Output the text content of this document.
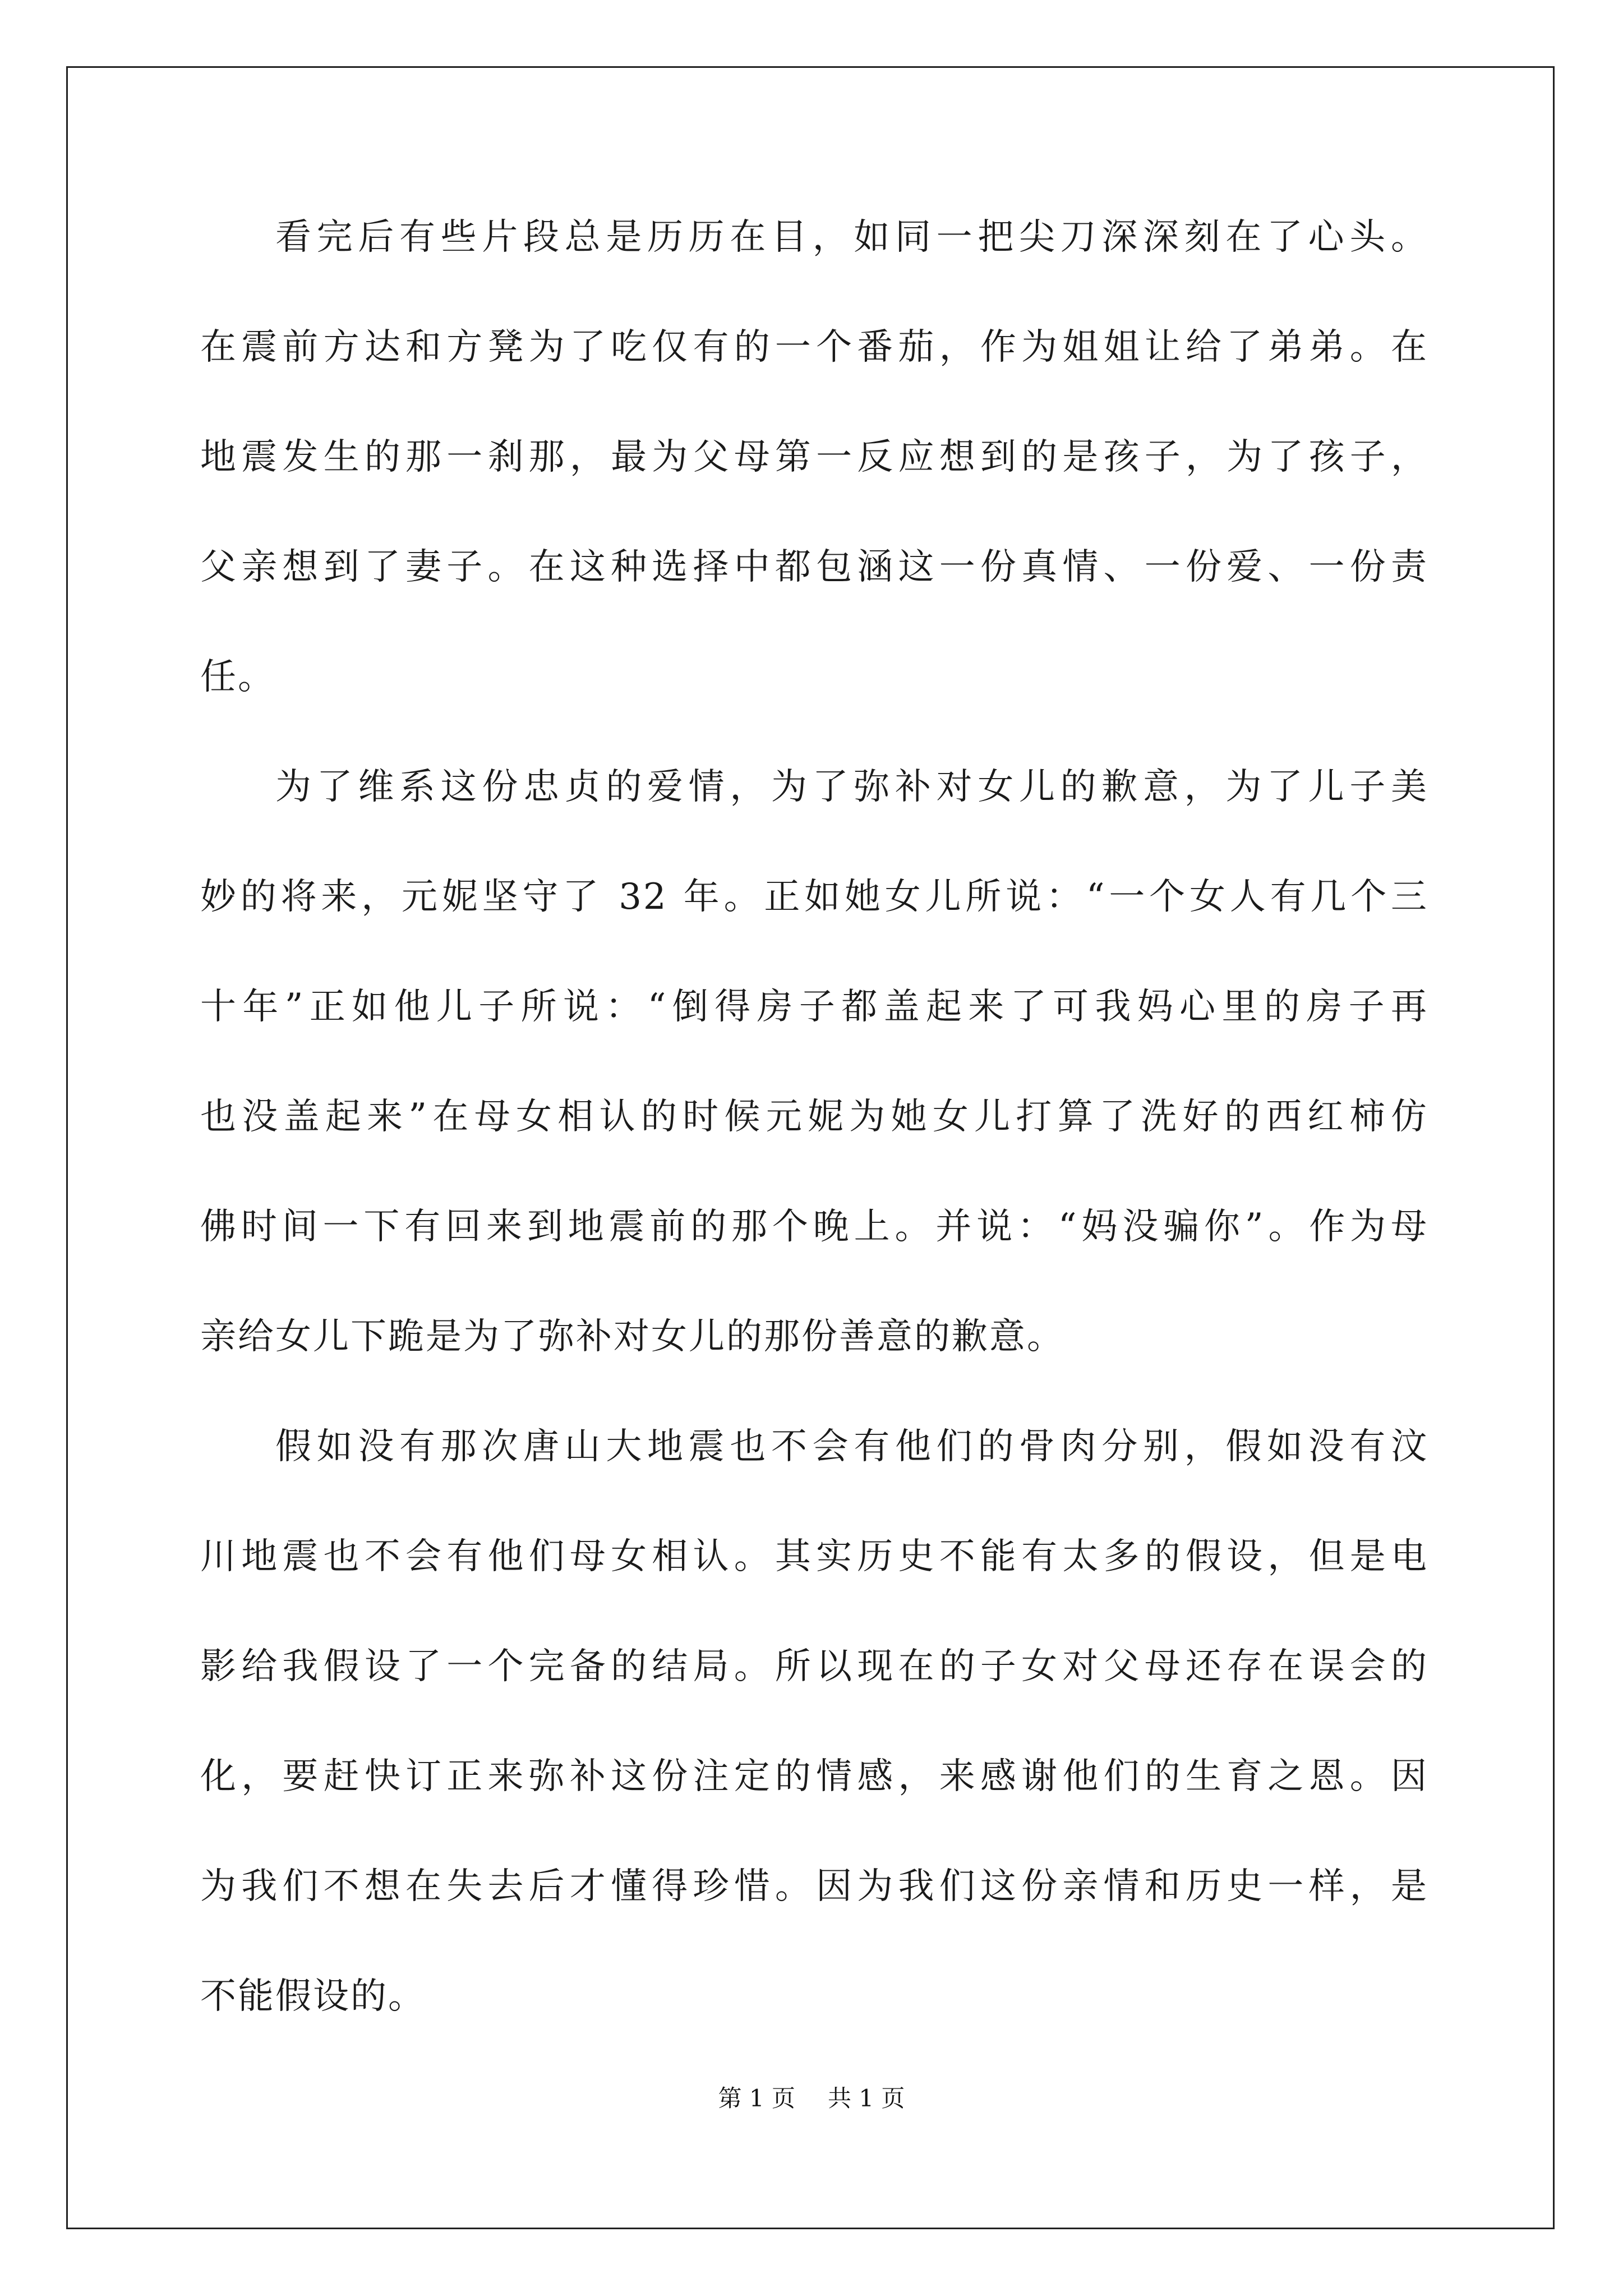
看完后有些片段总是历历在目，如同一把尖刀深深刻在了心头。
在震前方达和方凳为了吃仅有的一个番茄，作为姐姐让给了弟弟。在
地震发生的那一刹那，最为父母第一反应想到的是孩子，为了孩子，
父亲想到了妻子。在这种选择中都包涵这一份真情、一份爱、一份责
任。
为了维系这份忠贞的爱情，为了弥补对女儿的歉意，为了儿子美
妙的将来，元妮坚守了 32 年。正如她女儿所说：“一个女人有几个三
十年”正如他儿子所说：“倒得房子都盖起来了可我妈心里的房子再
也没盖起来”在母女相认的时候元妮为她女儿打算了洗好的西红柿仿
佛时间一下有回来到地震前的那个晚上。并说：“妈没骗你”。作为母
亲给女儿下跪是为了弥补对女儿的那份善意的歉意。
假如没有那次唐山大地震也不会有他们的骨肉分别，假如没有汶
川地震也不会有他们母女相认。其实历史不能有太多的假设，但是电
影给我假设了一个完备的结局。所以现在的子女对父母还存在误会的
化，要赶快订正来弥补这份注定的情感，来感谢他们的生育之恩。因
为我们不想在失去后才懂得珍惜。因为我们这份亲情和历史一样，是
不能假设的。
第 1 页 共 1 页
